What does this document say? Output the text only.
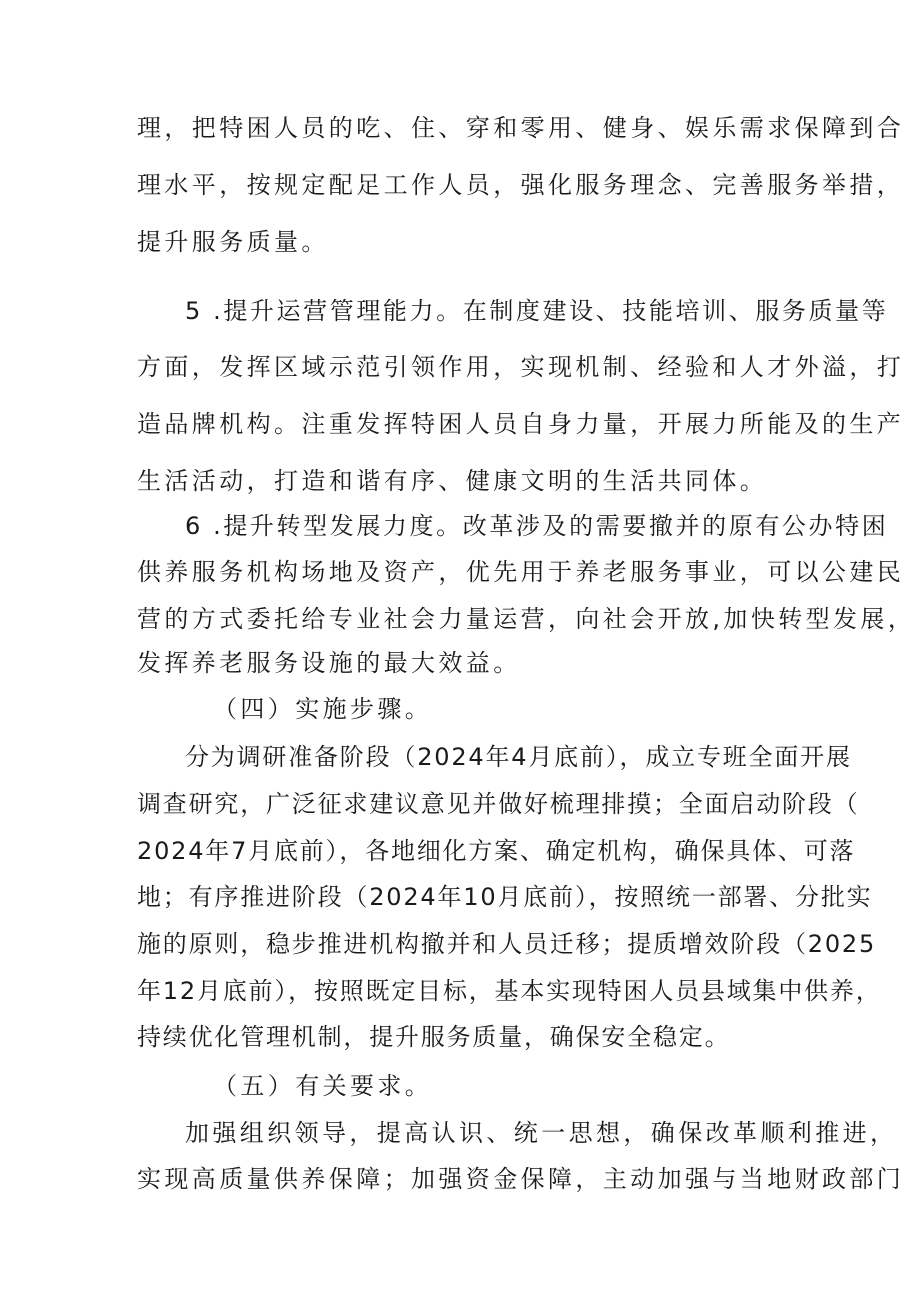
理，把特困人员的吃、住、穿和零用、健身、娱乐需求保障到合
理水平，按规定配足工作人员，强化服务理念、完善服务举措，
提升服务质量。
5 .提升运营管理能力。在制度建设、技能培训、服务质量等
方面，发挥区域示范引领作用，实现机制、经验和人才外溢，打
造品牌机构。注重发挥特困人员自身力量，开展力所能及的生产
生活活动，打造和谐有序、健康文明的生活共同体。
6 .提升转型发展力度。改革涉及的需要撤并的原有公办特困
供养服务机构场地及资产，优先用于养老服务事业，可以公建民
营的方式委托给专业社会力量运营，向社会开放,加快转型发展，
发挥养老服务设施的最大效益。
（四）实施步骤。
分为调研准备阶段（2024年4月底前），成立专班全面开展
调查研究，广泛征求建议意见并做好梳理排摸；全面启动阶段（
2024年7月底前），各地细化方案、确定机构，确保具体、可落
地；有序推进阶段（2024年10月底前），按照统一部署、分批实
施的原则，稳步推进机构撤并和人员迁移；提质增效阶段（2025
年12月底前），按照既定目标，基本实现特困人员县域集中供养，
持续优化管理机制，提升服务质量，确保安全稳定。
（五）有关要求。
加强组织领导，提高认识、统一思想，确保改革顺利推进，
实现高质量供养保障；加强资金保障，主动加强与当地财政部门
